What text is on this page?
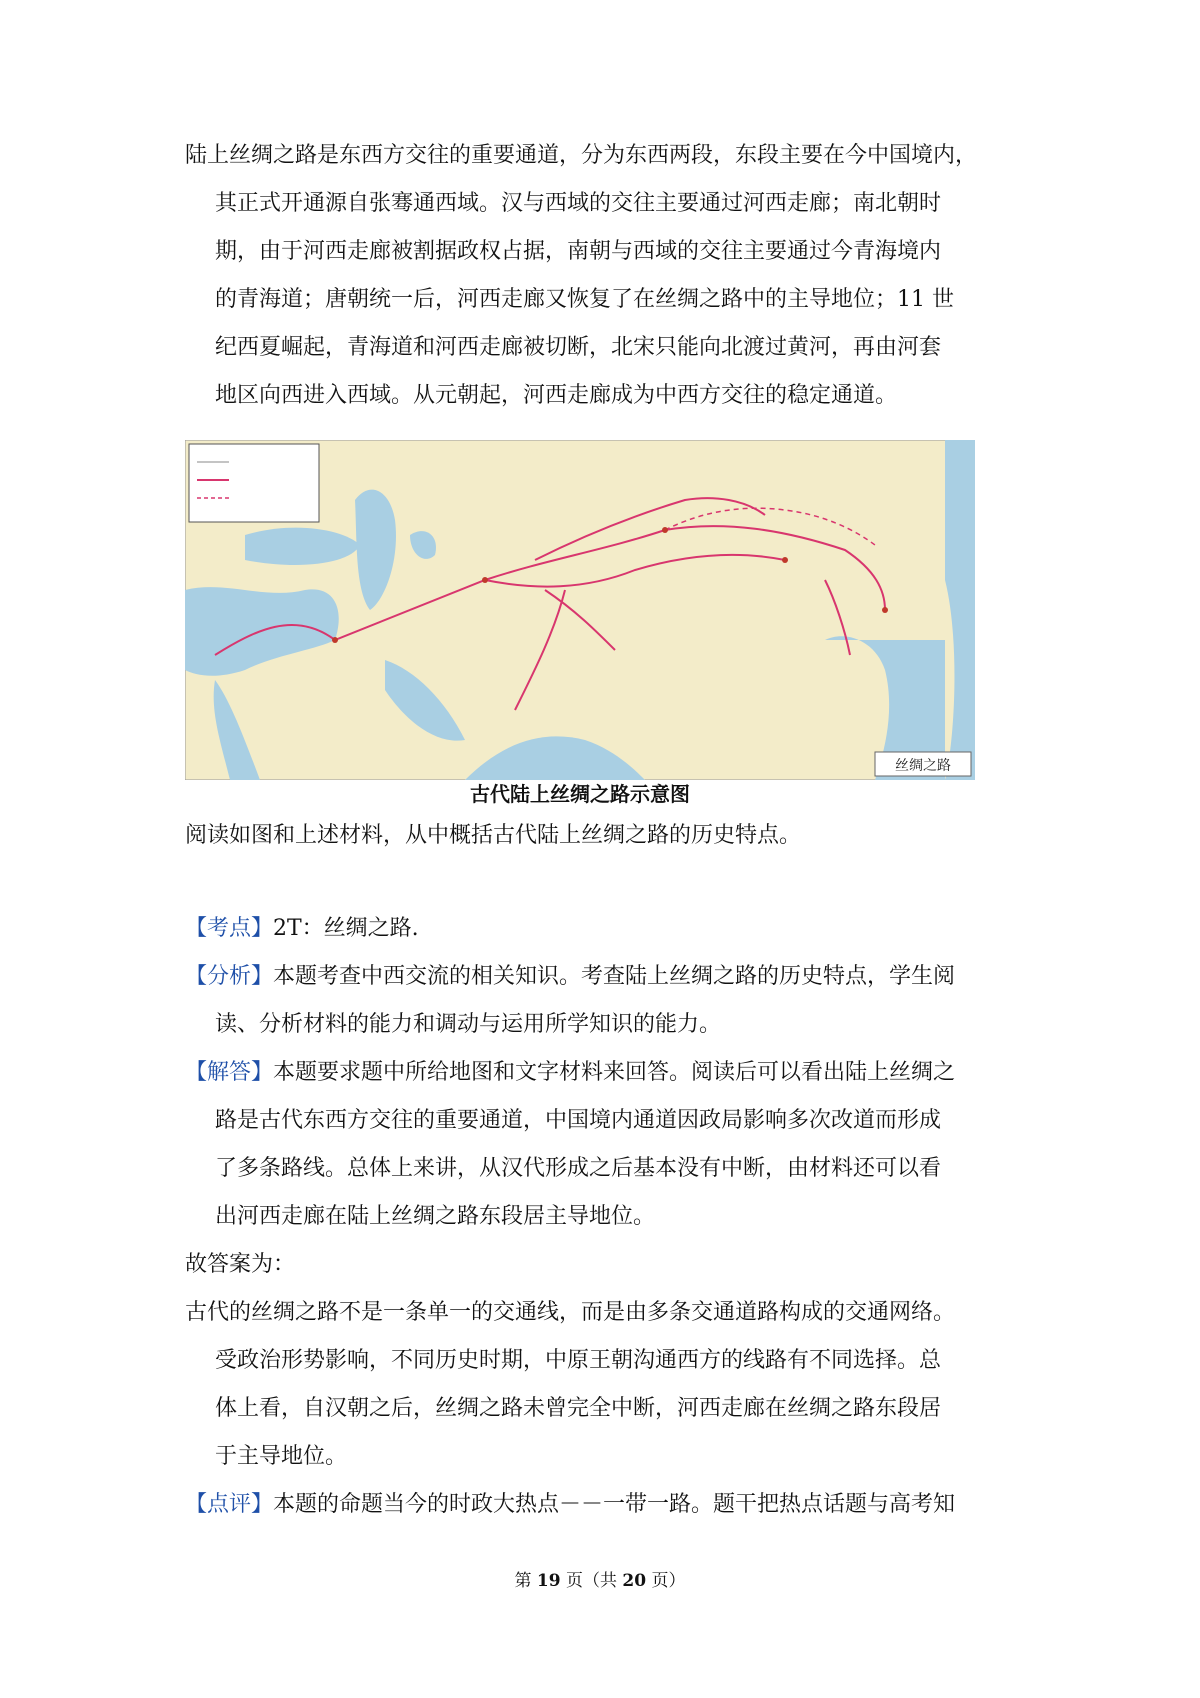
陆上丝绸之路是东西方交往的重要通道，分为东西两段，东段主要在今中国境内，
其正式开通源自张骞通西域。汉与西域的交往主要通过河西走廊；南北朝时
期，由于河西走廊被割据政权占据，南朝与西域的交往主要通过今青海境内
的青海道；唐朝统一后，河西走廊又恢复了在丝绸之路中的主导地位；11 世
纪西夏崛起，青海道和河西走廊被切断，北宋只能向北渡过黄河，再由河套
地区向西进入西域。从元朝起，河西走廊成为中西方交往的稳定通道。
丝绸之路
古代陆上丝绸之路示意图
阅读如图和上述材料，从中概括古代陆上丝绸之路的历史特点。
【考点】2T：丝绸之路.
【分析】本题考查中西交流的相关知识。考查陆上丝绸之路的历史特点，学生阅
读、分析材料的能力和调动与运用所学知识的能力。
【解答】本题要求题中所给地图和文字材料来回答。阅读后可以看出陆上丝绸之
路是古代东西方交往的重要通道，中国境内通道因政局影响多次改道而形成
了多条路线。总体上来讲，从汉代形成之后基本没有中断，由材料还可以看
出河西走廊在陆上丝绸之路东段居主导地位。
故答案为：
古代的丝绸之路不是一条单一的交通线，而是由多条交通道路构成的交通网络。
受政治形势影响，不同历史时期，中原王朝沟通西方的线路有不同选择。总
体上看，自汉朝之后，丝绸之路未曾完全中断，河西走廊在丝绸之路东段居
于主导地位。
【点评】本题的命题当今的时政大热点－－一带一路。题干把热点话题与高考知
第 19 页（共 20 页）
